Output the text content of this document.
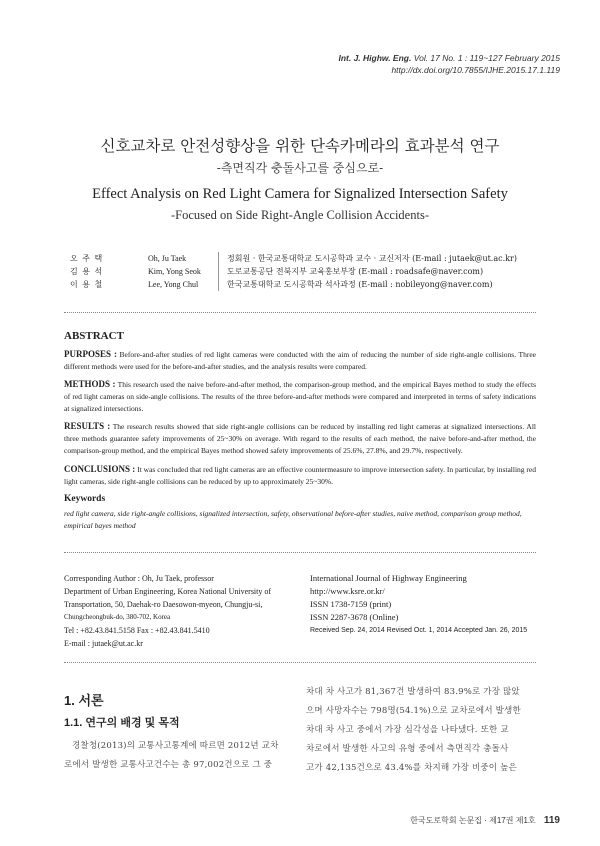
Int. J. Highw. Eng. Vol. 17 No. 1 : 119~127 February 2015
http://dx.doi.org/10.7855/IJHE.2015.17.1.119
신호교차로 안전성향상을 위한 단속카메라의 효과분석 연구
-측면직각 충돌사고를 중심으로-
Effect Analysis on Red Light Camera for Signalized Intersection Safety
-Focused on Side Right-Angle Collision Accidents-
오 주 택	Oh, Ju Taek	정회원 · 한국교통대학교 도시공학과 교수 · 교신저자 (E-mail : jutaek@ut.ac.kr)
김 용 석	Kim, Yong Seok	도로교통공단 전북지부 교육홍보부장 (E-mail : roadsafe@naver.com)
이 용 철	Lee, Yong Chul	한국교통대학교 도시공학과 석사과정 (E-mail : nobileyong@naver.com)
ABSTRACT
PURPOSES : Before-and-after studies of red light cameras were conducted with the aim of reducing the number of side right-angle collisions. Three different methods were used for the before-and-after studies, and the analysis results were compared.
METHODS : This research used the naive before-and-after method, the comparison-group method, and the empirical Bayes method to study the effects of red light cameras on side-angle collisions. The results of the three before-and-after methods were compared and interpreted in terms of safety indications at signalized intersections.
RESULTS : The research results showed that side right-angle collisions can be reduced by installing red light cameras at signalized intersections. All three methods guarantee safety improvements of 25~30% on average. With regard to the results of each method, the naive before-and-after method, the comparison-group method, and the empirical Bayes method showed safety improvements of 25.6%, 27.8%, and 29.7%, respectively.
CONCLUSIONS : It was concluded that red light cameras are an effective countermeasure to improve intersection safety. In particular, by installing red light cameras, side right-angle collisions can be reduced by up to approximately 25~30%.
Keywords
red light camera, side right-angle collisions, signalized intersection, safety, observational before-after studies, naive method, comparison group method, empirical bayes method
Corresponding Author : Oh, Ju Taek, professor
Department of Urban Engineering, Korea National University of
Transportation, 50, Daehak-ro Daesowon-myeon, Chungju-si,
Chungcheongbuk-do, 380-702, Korea
Tel : +82.43.841.5158 Fax : +82.43.841.5410
E-mail : jutaek@ut.ac.kr
International Journal of Highway Engineering
http://www.ksre.or.kr/
ISSN 1738-7159 (print)
ISSN 2287-3678 (Online)
Received Sep. 24, 2014 Revised Oct. 1, 2014 Accepted Jan. 26, 2015
1. 서론
1.1. 연구의 배경 및 목적
경찰청(2013)의 교통사고통계에 따르면 2012년 교차
로에서 발생한 교통사고건수는 총 97,002건으로 그 중
차대 차 사고가 81,367건 발생하여 83.9%로 가장 많았
으며 사망자수는 798명(54.1%)으로 교차로에서 발생한
차대 차 사고 중에서 가장 심각성을 나타냈다. 또한 교
차로에서 발생한 사고의 유형 중에서 측면직각 충돌사
고가 42,135건으로 43.4%를 차지해 가장 비중이 높은
한국도로학회 논문집 · 제17권 제1호 119
